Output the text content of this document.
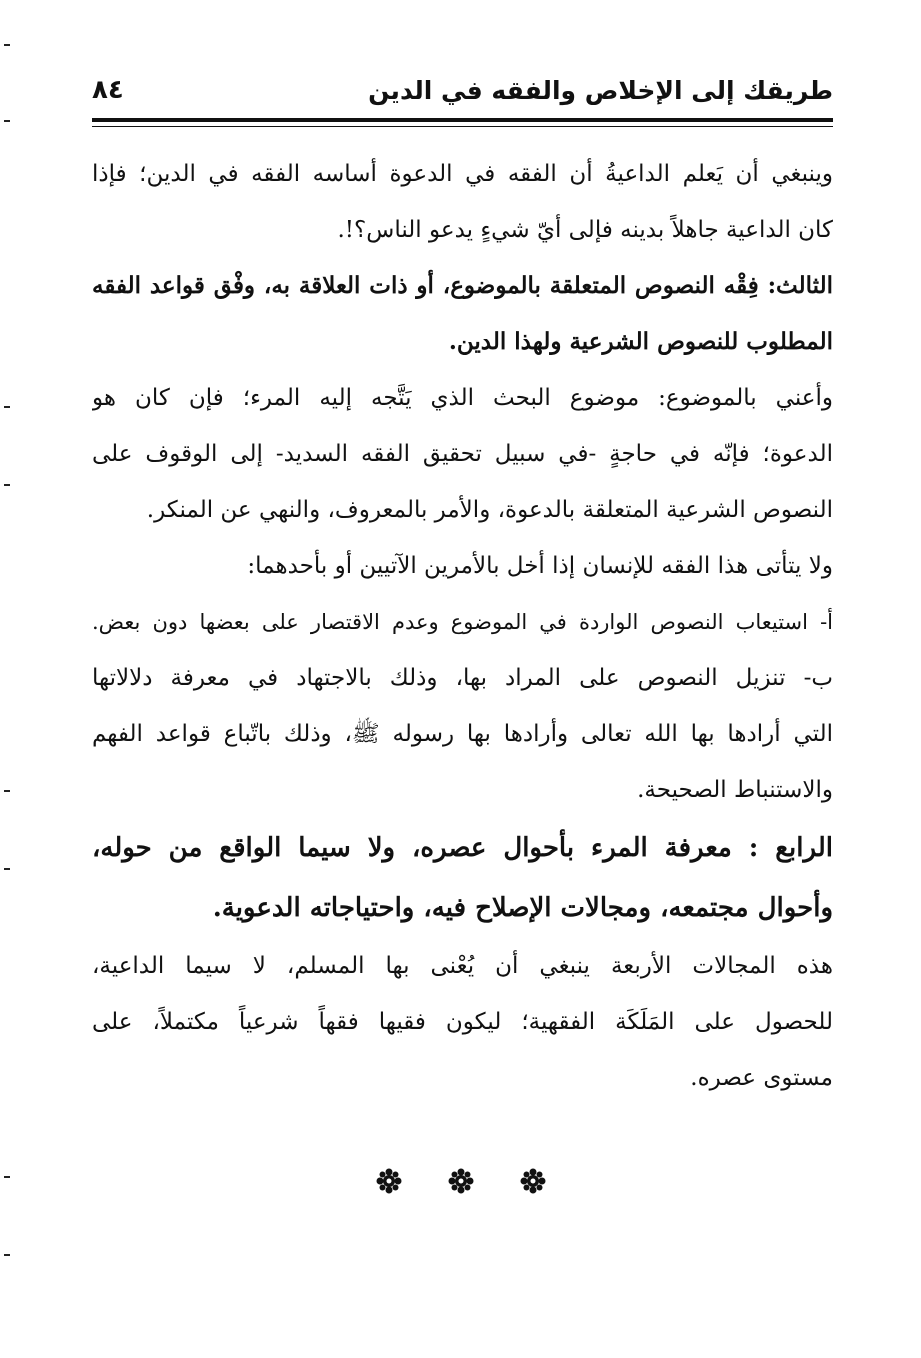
طريقك إلى الإخلاص والفقه في الدين
٨٤
وينبغي أن يَعلم الداعيةُ أن الفقه في الدعوة أساسه الفقه في الدين؛ فإذا
كان الداعية جاهلاً بدينه فإلى أيّ شيءٍ يدعو الناس؟!.
الثالث: فِقْه النصوص المتعلقة بالموضوع، أو ذات العلاقة به، وفْق قواعد الفقه
المطلوب للنصوص الشرعية ولهذا الدين.
وأعني بالموضوع: موضوع البحث الذي يَتَّجه إليه المرء؛ فإن كان هو
الدعوة؛ فإنّه في حاجةٍ -في سبيل تحقيق الفقه السديد- إلى الوقوف على
النصوص الشرعية المتعلقة بالدعوة، والأمر بالمعروف، والنهي عن المنكر.
ولا يتأتى هذا الفقه للإنسان إذا أخل بالأمرين الآتيين أو بأحدهما:
أ- استيعاب النصوص الواردة في الموضوع وعدم الاقتصار على بعضها دون بعض.
ب- تنزيل النصوص على المراد بها، وذلك بالاجتهاد في معرفة دلالاتها
التي أرادها بها الله تعالى وأرادها بها رسوله ﷺ، وذلك باتّباع قواعد الفهم
والاستنباط الصحيحة.
الرابع : معرفة المرء بأحوال عصره، ولا سيما الواقع من حوله،
وأحوال مجتمعه، ومجالات الإصلاح فيه، واحتياجاته الدعوية.
هذه المجالات الأربعة ينبغي أن يُعْنى بها المسلم، لا سيما الداعية،
للحصول على المَلَكَة الفقهية؛ ليكون فقيها فقهاً شرعياً مكتملاً، على
مستوى عصره.
